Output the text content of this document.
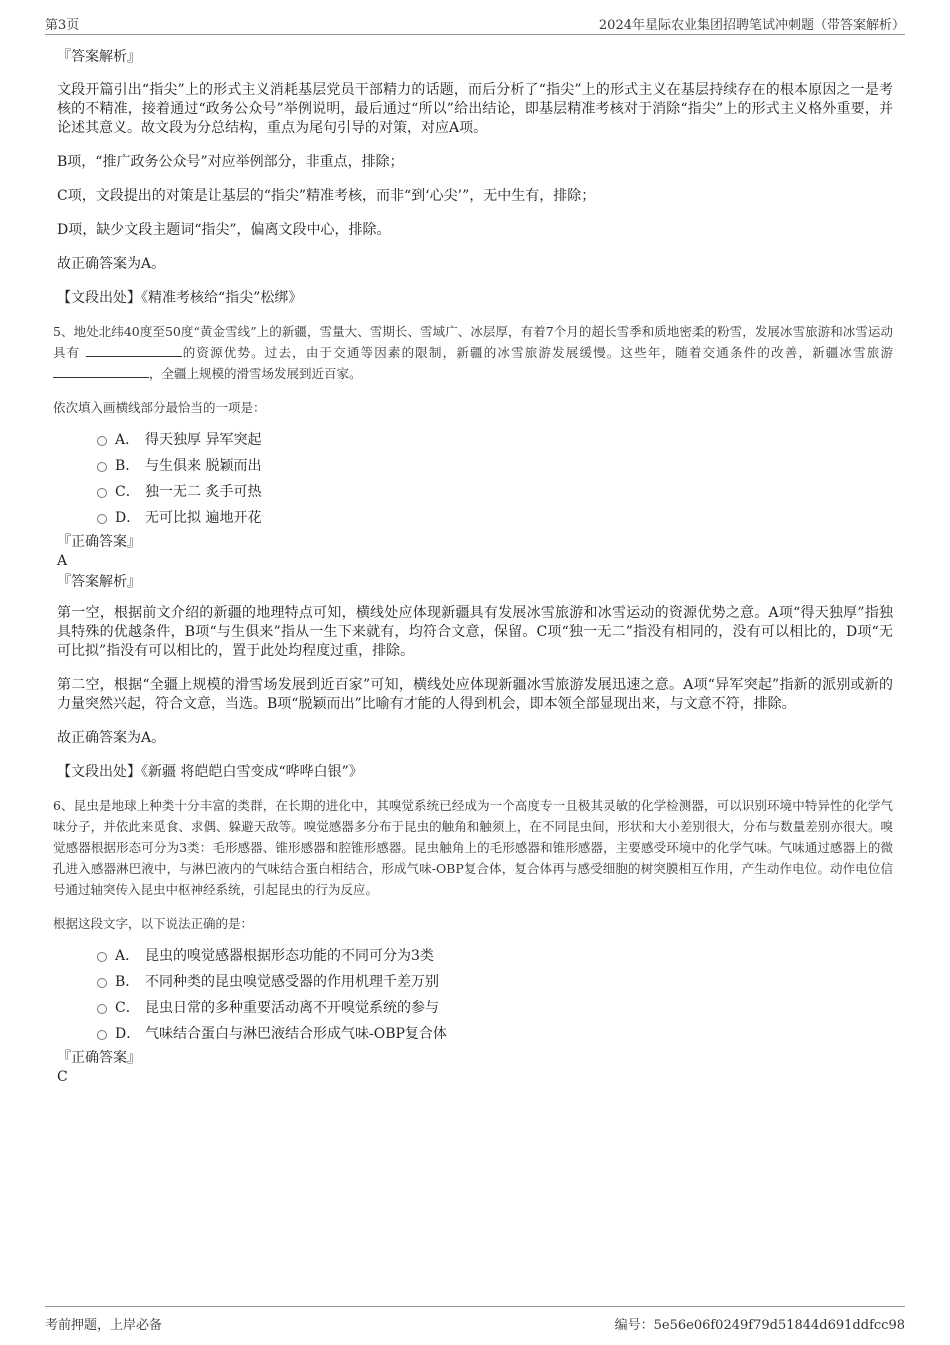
第3页	2024年星际农业集团招聘笔试冲刺题（带答案解析）

『答案解析』

文段开篇引出“指尖”上的形式主义消耗基层党员干部精力的话题，而后分析了“指尖”上的形式主义在基层持续存在的根本原因之一是考核的不精准，接着通过“政务公众号”举例说明，最后通过“所以”给出结论，即基层精准考核对于消除“指尖”上的形式主义格外重要，并论述其意义。故文段为分总结构，重点为尾句引导的对策，对应A项。

B项，“推广政务公众号”对应举例部分，非重点，排除；

C项，文段提出的对策是让基层的“指尖”精准考核，而非“到‘心尖’”，无中生有，排除；

D项，缺少文段主题词“指尖”，偏离文段中心，排除。

故正确答案为A。

【文段出处】《精准考核给“指尖”松绑》

5、地处北纬40度至50度“黄金雪线”上的新疆，雪量大、雪期长、雪域广、冰层厚，有着7个月的超长雪季和质地密柔的粉雪，发展冰雪旅游和冰雪运动具有	的资源优势。过去，由于交通等因素的限制，新疆的冰雪旅游发展缓慢。这些年，随着交通条件的改善，新疆冰雪旅游 ，全疆上规模的滑雪场发展到近百家。

依次填入画横线部分最恰当的一项是：

A． 得天独厚 异军突起
B． 与生俱来 脱颖而出
C． 独一无二 炙手可热
D． 无可比拟 遍地开花

『正确答案』

A

『答案解析』

第一空，根据前文介绍的新疆的地理特点可知，横线处应体现新疆具有发展冰雪旅游和冰雪运动的资源优势之意。A项“得天独厚”指独具特殊的优越条件，B项“与生俱来”指从一生下来就有，均符合文意，保留。C项“独一无二”指没有相同的，没有可以相比的，D项“无可比拟”指没有可以相比的，置于此处均程度过重，排除。

第二空，根据“全疆上规模的滑雪场发展到近百家”可知，横线处应体现新疆冰雪旅游发展迅速之意。A项“异军突起”指新的派别或新的力量突然兴起，符合文意，当选。B项“脱颖而出”比喻有才能的人得到机会，即本领全部显现出来，与文意不符，排除。

故正确答案为A。

【文段出处】《新疆 将皑皑白雪变成“哗哗白银”》

6、昆虫是地球上种类十分丰富的类群，在长期的进化中，其嗅觉系统已经成为一个高度专一且极其灵敏的化学检测器，可以识别环境中特异性的化学气味分子，并依此来觅食、求偶、躲避天敌等。嗅觉感器多分布于昆虫的触角和触须上，在不同昆虫间，形状和大小差别很大，分布与数量差别亦很大。嗅觉感器根据形态可分为3类：毛形感器、锥形感器和腔锥形感器。昆虫触角上的毛形感器和锥形感器，主要感受环境中的化学气味。气味通过感器上的微孔进入感器淋巴液中，与淋巴液内的气味结合蛋白相结合，形成气味-OBP复合体，复合体再与感受细胞的树突膜相互作用，产生动作电位。动作电位信号通过轴突传入昆虫中枢神经系统，引起昆虫的行为反应。

根据这段文字，以下说法正确的是：

A． 昆虫的嗅觉感器根据形态功能的不同可分为3类
B． 不同种类的昆虫嗅觉感受器的作用机理千差万别
C． 昆虫日常的多种重要活动离不开嗅觉系统的参与
D． 气味结合蛋白与淋巴液结合形成气味-OBP复合体

『正确答案』

C

考前押题，上岸必备	编号：5e56e06f0249f79d51844d691ddfcc98
